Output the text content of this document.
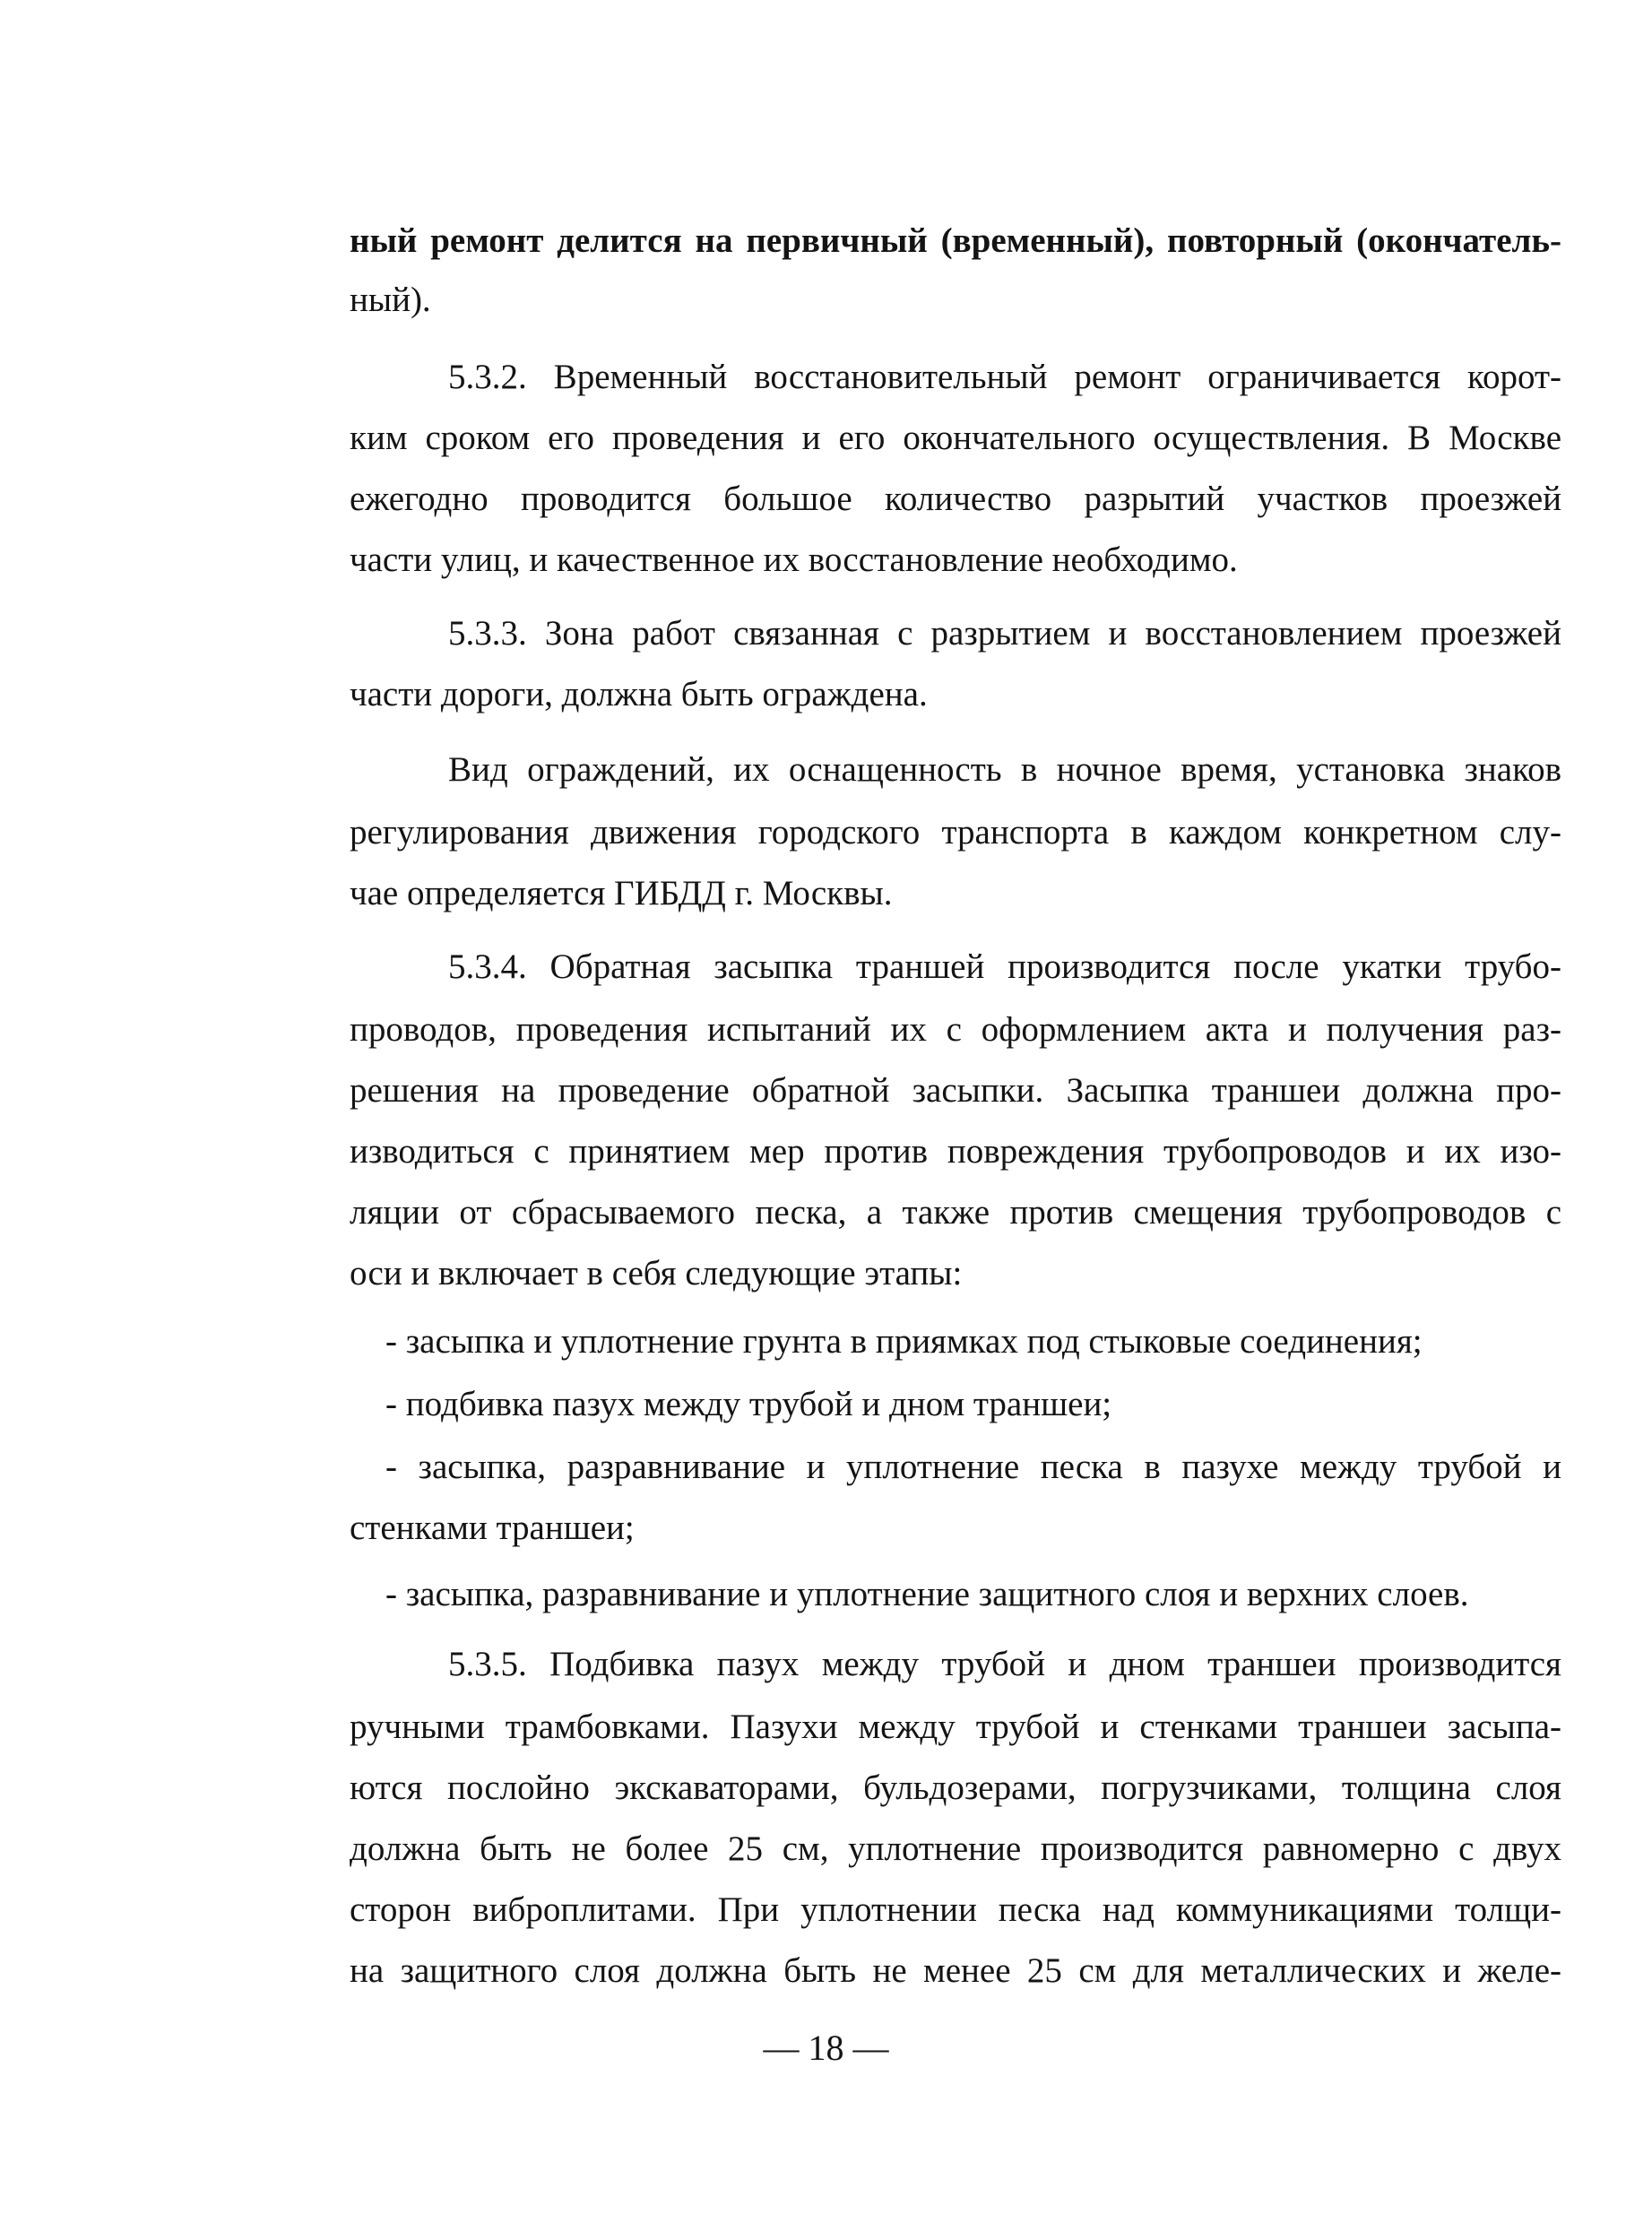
ный ремонт делится на первичный (временный), повторный (окончатель-
ный).
5.3.2. Временный восстановительный ремонт ограничивается корот-
ким сроком его проведения и его окончательного осуществления. В Москве
ежегодно проводится большое количество разрытий участков проезжей
части улиц, и качественное их восстановление необходимо.
5.3.3. Зона работ связанная с разрытием и восстановлением проезжей
части дороги, должна быть ограждена.
Вид ограждений, их оснащенность в ночное время, установка знаков
регулирования движения городского транспорта в каждом конкретном слу-
чае определяется ГИБДД г. Москвы.
5.3.4. Обратная засыпка траншей производится после укатки трубо-
проводов, проведения испытаний их с оформлением акта и получения раз-
решения на проведение обратной засыпки. Засыпка траншеи должна про-
изводиться с принятием мер против повреждения трубопроводов и их изо-
ляции от сбрасываемого песка, а также против смещения трубопроводов с
оси и включает в себя следующие этапы:
- засыпка и уплотнение грунта в приямках под стыковые соединения;
- подбивка пазух между трубой и дном траншеи;
- засыпка, разравнивание и уплотнение песка в пазухе между трубой и
стенками траншеи;
- засыпка, разравнивание и уплотнение защитного слоя и верхних слоев.
5.3.5. Подбивка пазух между трубой и дном траншеи производится
ручными трамбовками. Пазухи между трубой и стенками траншеи засыпа-
ются послойно экскаваторами, бульдозерами, погрузчиками, толщина слоя
должна быть не более 25 см, уплотнение производится равномерно с двух
сторон виброплитами. При уплотнении песка над коммуникациями толщи-
на защитного слоя должна быть не менее 25 см для металлических и желе-
— 18 —
